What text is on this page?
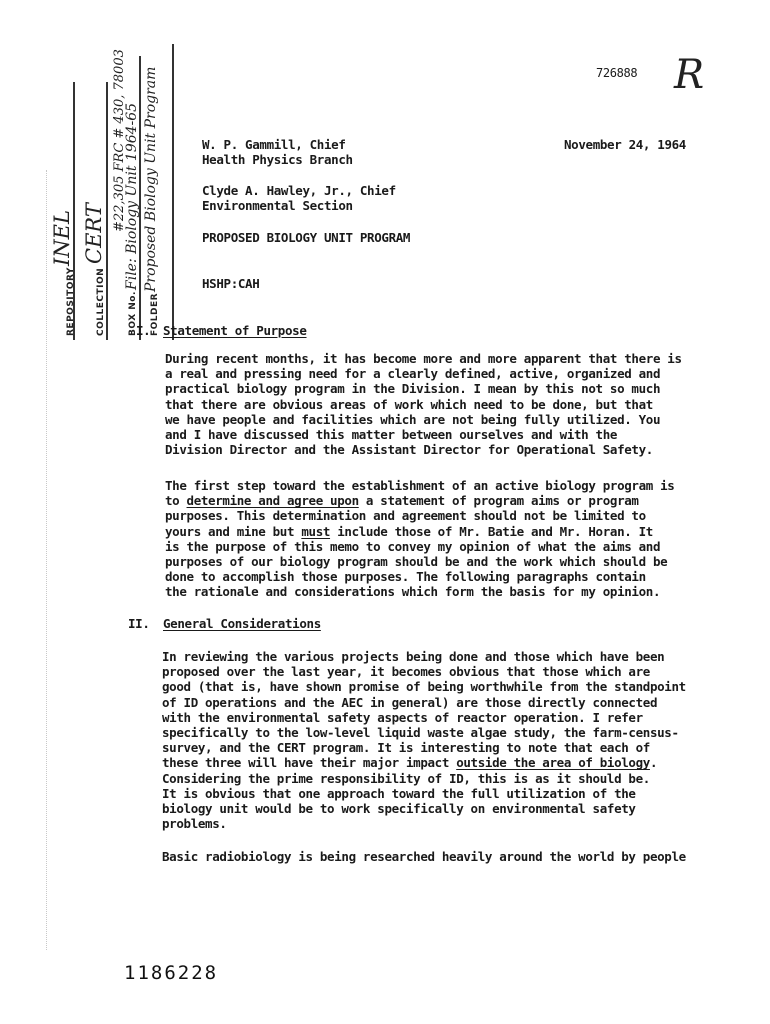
726888 R
REPOSITORY
INEL
COLLECTION
CERT
#22,305 FRC # 430, 78003
BOX No.
File: Biology Unit 1964-65
FOLDER
Proposed Biology Unit Program	W. P. Gammill, Chief
Health Physics Branch
November 24, 1964
Clyde A. Hawley, Jr., Chief
Environmental Section
PROPOSED BIOLOGY UNIT PROGRAM
HSHP:CAH
I. Statement of Purpose
During recent months, it has become more and more apparent that there is
a real and pressing need for a clearly defined, active, organized and
practical biology program in the Division. I mean by this not so much
that there are obvious areas of work which need to be done, but that
we have people and facilities which are not being fully utilized. You
and I have discussed this matter between ourselves and with the
Division Director and the Assistant Director for Operational Safety.
The first step toward the establishment of an active biology program is
to determine and agree upon a statement of program aims or program
purposes. This determination and agreement should not be limited to
yours and mine but must include those of Mr. Batie and Mr. Horan. It
is the purpose of this memo to convey my opinion of what the aims and
purposes of our biology program should be and the work which should be
done to accomplish those purposes. The following paragraphs contain
the rationale and considerations which form the basis for my opinion.
II. General Considerations
In reviewing the various projects being done and those which have been
proposed over the last year, it becomes obvious that those which are
good (that is, have shown promise of being worthwhile from the standpoint
of ID operations and the AEC in general) are those directly connected
with the environmental safety aspects of reactor operation. I refer
specifically to the low-level liquid waste algae study, the farm-census-
survey, and the CERT program. It is interesting to note that each of
these three will have their major impact outside the area of biology.
Considering the prime responsibility of ID, this is as it should be.
It is obvious that one approach toward the full utilization of the
biology unit would be to work specifically on environmental safety
problems.
Basic radiobiology is being researched heavily around the world by people
1186228
